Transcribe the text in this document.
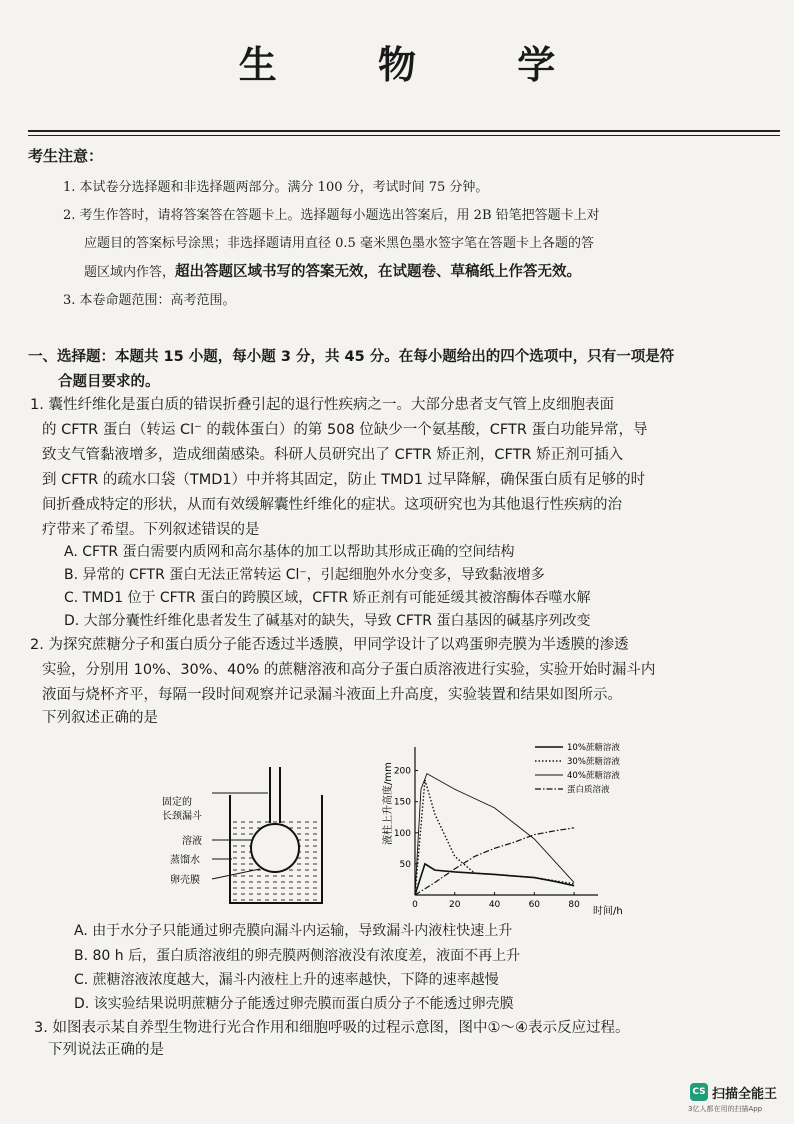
生 物 学
考生注意：
1. 本试卷分选择题和非选择题两部分。满分 100 分，考试时间 75 分钟。
2. 考生作答时，请将答案答在答题卡上。选择题每小题选出答案后，用 2B 铅笔把答题卡上对
应题目的答案标号涂黑；非选择题请用直径 0.5 毫米黑色墨水签字笔在答题卡上各题的答
题区域内作答，超出答题区域书写的答案无效，在试题卷、草稿纸上作答无效。
3. 本卷命题范围：高考范围。
一、选择题：本题共 15 小题，每小题 3 分，共 45 分。在每小题给出的四个选项中，只有一项是符
合题目要求的。
1. 囊性纤维化是蛋白质的错误折叠引起的退行性疾病之一。大部分患者支气管上皮细胞表面
的 CFTR 蛋白（转运 Cl⁻ 的载体蛋白）的第 508 位缺少一个氨基酸，CFTR 蛋白功能异常，导
致支气管黏液增多，造成细菌感染。科研人员研究出了 CFTR 矫正剂，CFTR 矫正剂可插入
到 CFTR 的疏水口袋（TMD1）中并将其固定，防止 TMD1 过早降解，确保蛋白质有足够的时
间折叠成特定的形状，从而有效缓解囊性纤维化的症状。这项研究也为其他退行性疾病的治
疗带来了希望。下列叙述错误的是
A. CFTR 蛋白需要内质网和高尔基体的加工以帮助其形成正确的空间结构
B. 异常的 CFTR 蛋白无法正常转运 Cl⁻，引起细胞外水分变多，导致黏液增多
C. TMD1 位于 CFTR 蛋白的跨膜区域，CFTR 矫正剂有可能延缓其被溶酶体吞噬水解
D. 大部分囊性纤维化患者发生了碱基对的缺失，导致 CFTR 蛋白基因的碱基序列改变
2. 为探究蔗糖分子和蛋白质分子能否透过半透膜，甲同学设计了以鸡蛋卵壳膜为半透膜的渗透
实验，分别用 10%、30%、40% 的蔗糖溶液和高分子蛋白质溶液进行实验，实验开始时漏斗内
液面与烧杯齐平，每隔一段时间观察并记录漏斗液面上升高度，实验装置和结果如图所示。
下列叙述正确的是
固定的
长颈漏斗
溶液
蒸馏水
卵壳膜
0	20	40	60	80
50
100
150
200
10%蔗糖溶液
30%蔗糖溶液
40%蔗糖溶液
蛋白质溶液
液柱上升高度/mm
时间/h
A. 由于水分子只能通过卵壳膜向漏斗内运输，导致漏斗内液柱快速上升
B. 80 h 后，蛋白质溶液组的卵壳膜两侧溶液没有浓度差，液面不再上升
C. 蔗糖溶液浓度越大，漏斗内液柱上升的速率越快，下降的速率越慢
D. 该实验结果说明蔗糖分子能透过卵壳膜而蛋白质分子不能透过卵壳膜
3. 如图表示某自养型生物进行光合作用和细胞呼吸的过程示意图，图中①～④表示反应过程。
下列说法正确的是
CS 扫描全能王
3亿人都在用的扫描App
